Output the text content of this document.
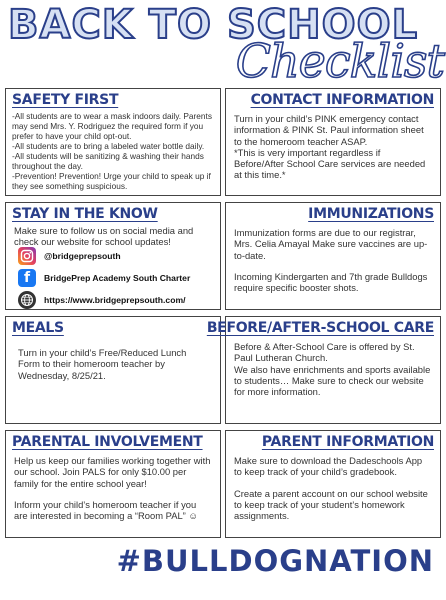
BACK TO SCHOOL
Checklist
SAFETY FIRST

-All students are to wear a mask indoors daily. Parents may send Mrs. Y. Rodriguez the required form if you prefer to have your child opt-out.

-All students are to bring a labeled water bottle daily.

-All students will be sanitizing & washing their hands throughout the day.

-Prevention! Prevention! Urge your child to speak up if they see something suspicious.

CONTACT INFORMATION

Turn in your child’s PINK emergency contact information & PINK St. Paul information sheet to the homeroom teacher ASAP.

*This is very important regardless if Before/After School Care services are needed at this time.*

STAY IN THE KNOW
Make sure to follow us on social media and check our website for school updates!
@bridgeprepsouth
f	BridgePrep Academy South Charter
https://www.bridgeprepsouth.com/
IMMUNIZATIONS

Immunization forms are due to our registrar, Mrs. Celia Amayal Make sure vaccines are up-to-date.

Incoming Kindergarten and 7th grade Bulldogs require specific booster shots.

MEALS
Turn in your child’s Free/Reduced Lunch Form to their homeroom teacher by Wednesday, 8/25/21.
BEFORE/AFTER-SCHOOL CARE

Before & After-School Care is offered by St. Paul Lutheran Church.

We also have enrichments and sports available to students… Make sure to check our website for more information.

PARENTAL INVOLVEMENT

Help us keep our families working together with our school. Join PALS for only $10.00 per family for the entire school year!

Inform your child’s homeroom teacher if you are interested in becoming a “Room PAL” ☺

PARENT INFORMATION

Make sure to download the Dadeschools App to keep track of your child’s gradebook.

Create a parent account on our school website to keep track of your student’s homework assignments.

#BULLDOGNATION
